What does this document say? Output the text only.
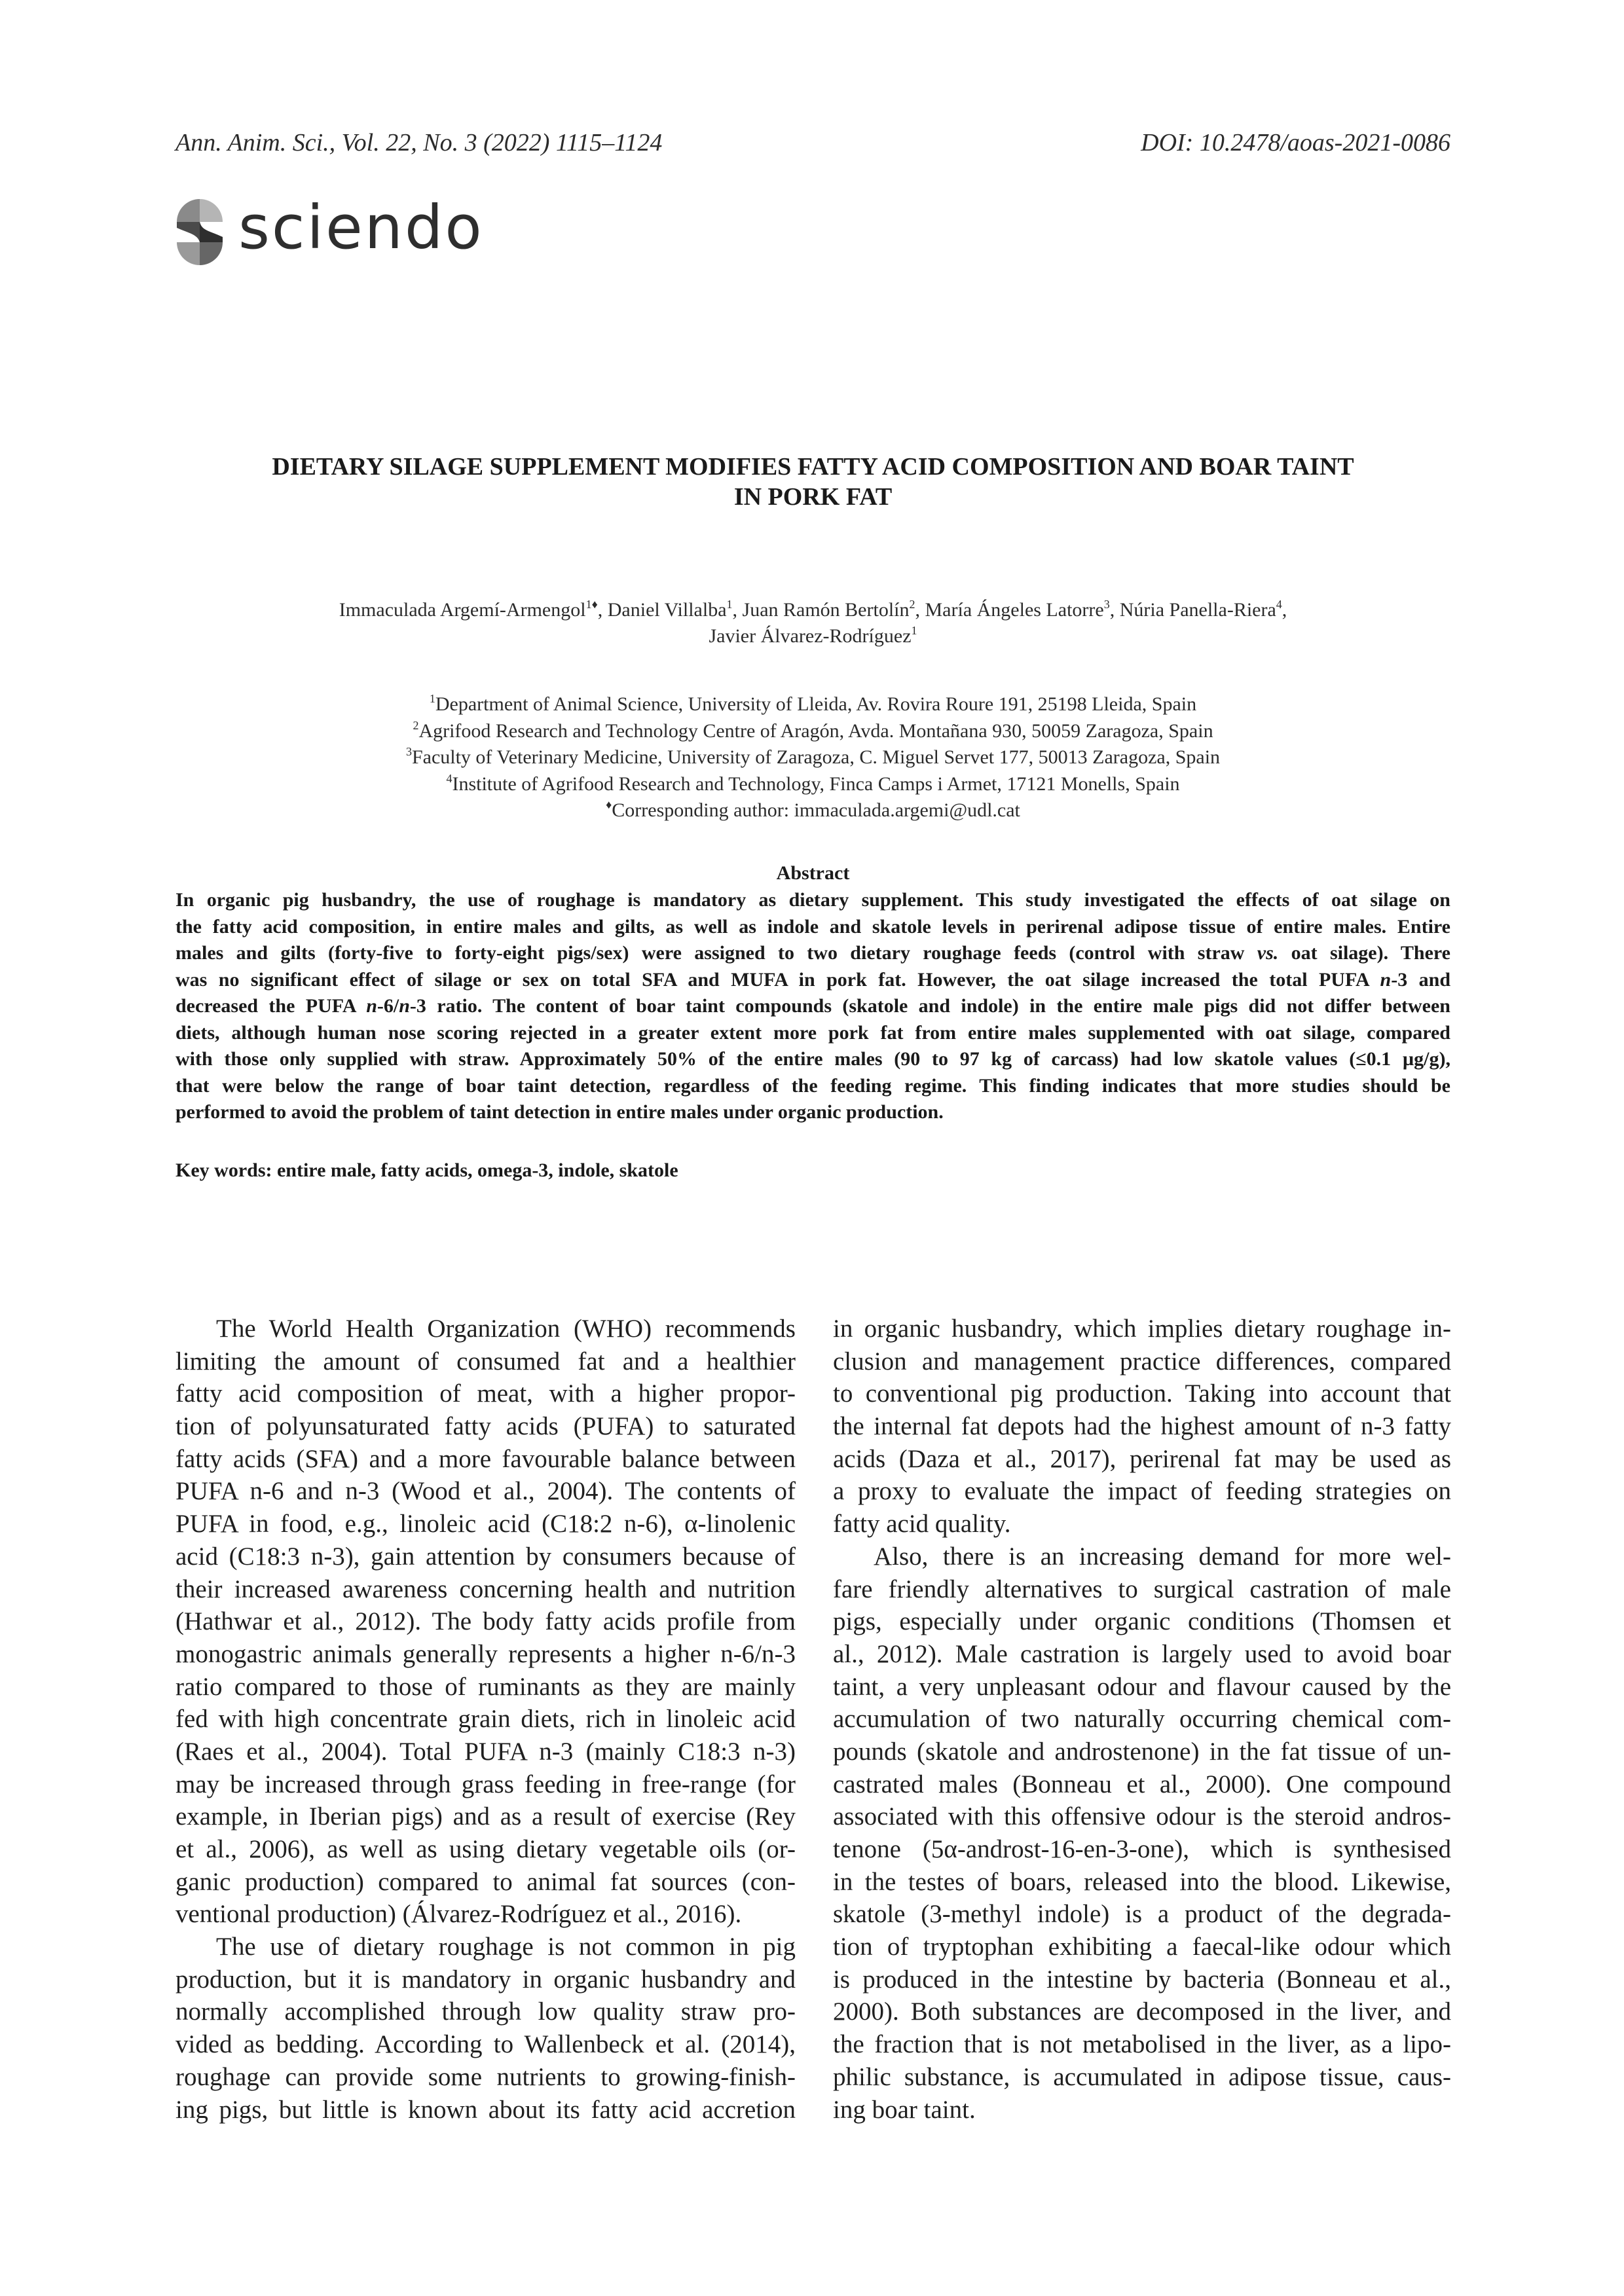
Ann. Anim. Sci., Vol. 22, No. 3 (2022) 1115–1124	DOI: 10.2478/aoas-2021-0086
sciendo
DIETARY SILAGE SUPPLEMENT MODIFIES FATTY ACID COMPOSITION AND BOAR TAINT
IN PORK FAT
Immaculada Argemí-Armengol$^{1♦}$, Daniel Villalba$^1$, Juan Ramón Bertolín$^2$, María Ángeles Latorre$^3$, Núria Panella-Riera$^4$,
Javier Álvarez-Rodríguez$^1$
$^1$Department of Animal Science, University of Lleida, Av. Rovira Roure 191, 25198 Lleida, Spain
$^2$Agrifood Research and Technology Centre of Aragón, Avda. Montañana 930, 50059 Zaragoza, Spain
$^3$Faculty of Veterinary Medicine, University of Zaragoza, C. Miguel Servet 177, 50013 Zaragoza, Spain
$^4$Institute of Agrifood Research and Technology, Finca Camps i Armet, 17121 Monells, Spain
♦Corresponding author: immaculada.argemi@udl.cat
Abstract
In organic pig husbandry, the use of roughage is mandatory as dietary supplement. This study investigated the effects of oat silage on
the fatty acid composition, in entire males and gilts, as well as indole and skatole levels in perirenal adipose tissue of entire males. Entire
males and gilts (forty-five to forty-eight pigs/sex) were assigned to two dietary roughage feeds (control with straw vs. oat silage). There
was no significant effect of silage or sex on total SFA and MUFA in pork fat. However, the oat silage increased the total PUFA n-3 and
decreased the PUFA n-6/n-3 ratio. The content of boar taint compounds (skatole and indole) in the entire male pigs did not differ between
diets, although human nose scoring rejected in a greater extent more pork fat from entire males supplemented with oat silage, compared
with those only supplied with straw. Approximately 50% of the entire males (90 to 97 kg of carcass) had low skatole values (≤0.1 µg/g),
that were below the range of boar taint detection, regardless of the feeding regime. This finding indicates that more studies should be
performed to avoid the problem of taint detection in entire males under organic production.
Key words: entire male, fatty acids, omega-3, indole, skatole
The World Health Organization (WHO) recommends
limiting the amount of consumed fat and a healthier
fatty acid composition of meat, with a higher propor-
tion of polyunsaturated fatty acids (PUFA) to saturated
fatty acids (SFA) and a more favourable balance between
PUFA n-6 and n-3 (Wood et al., 2004). The contents of
PUFA in food, e.g., linoleic acid (C18:2 n-6), α-linolenic
acid (C18:3 n-3), gain attention by consumers because of
their increased awareness concerning health and nutrition
(Hathwar et al., 2012). The body fatty acids profile from
monogastric animals generally represents a higher n-6/n-3
ratio compared to those of ruminants as they are mainly
fed with high concentrate grain diets, rich in linoleic acid
(Raes et al., 2004). Total PUFA n-3 (mainly C18:3 n-3)
may be increased through grass feeding in free-range (for
example, in Iberian pigs) and as a result of exercise (Rey
et al., 2006), as well as using dietary vegetable oils (or-
ganic production) compared to animal fat sources (con-
ventional production) (Álvarez-Rodríguez et al., 2016).
The use of dietary roughage is not common in pig
production, but it is mandatory in organic husbandry and
normally accomplished through low quality straw pro-
vided as bedding. According to Wallenbeck et al. (2014),
roughage can provide some nutrients to growing-finish-
ing pigs, but little is known about its fatty acid accretion
in organic husbandry, which implies dietary roughage in-
clusion and management practice differences, compared
to conventional pig production. Taking into account that
the internal fat depots had the highest amount of n-3 fatty
acids (Daza et al., 2017), perirenal fat may be used as
a proxy to evaluate the impact of feeding strategies on
fatty acid quality.
Also, there is an increasing demand for more wel-
fare friendly alternatives to surgical castration of male
pigs, especially under organic conditions (Thomsen et
al., 2012). Male castration is largely used to avoid boar
taint, a very unpleasant odour and flavour caused by the
accumulation of two naturally occurring chemical com-
pounds (skatole and androstenone) in the fat tissue of un-
castrated males (Bonneau et al., 2000). One compound
associated with this offensive odour is the steroid andros-
tenone (5α-androst-16-en-3-one), which is synthesised
in the testes of boars, released into the blood. Likewise,
skatole (3-methyl indole) is a product of the degrada-
tion of tryptophan exhibiting a faecal-like odour which
is produced in the intestine by bacteria (Bonneau et al.,
2000). Both substances are decomposed in the liver, and
the fraction that is not metabolised in the liver, as a lipo-
philic substance, is accumulated in adipose tissue, caus-
ing boar taint.
